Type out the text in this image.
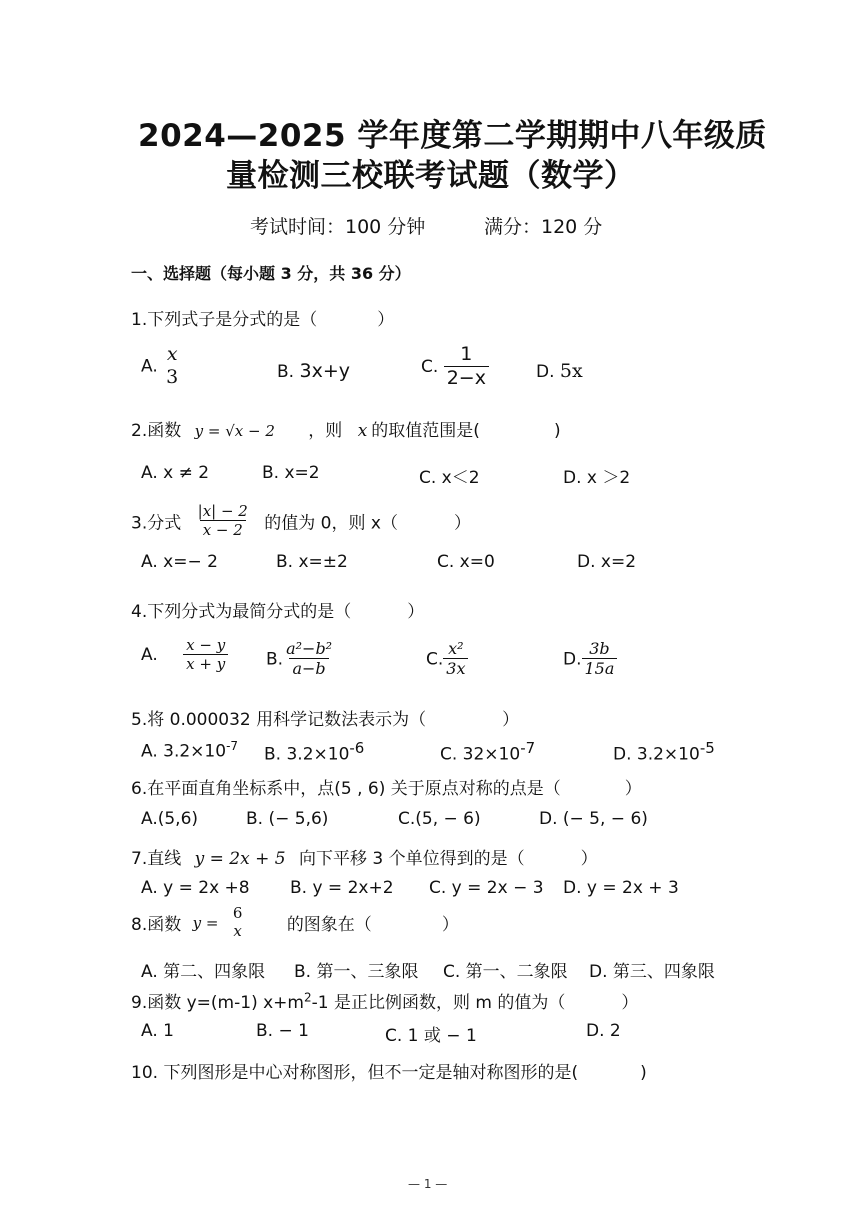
2024—2025 学年度第二学期期中八年级质
量检测三校联考试题（数学）
考试时间：100 分钟	满分：120 分
一、选择题（每小题 3 分，共 36 分）
1.下列式子是分式的是（	）
A.
x
3	B. 3x+y	C. $\frac{1}{2-x}$	D. 5x
2.函数 y = √x − 2 ，则 x 的取值范围是(	)
A. x ≠ 2	B. x=2	C. x＜2	D. x ＞2
3.分式 $\frac{|x| - 2}{x - 2}$ 的值为 0，则 x（	）
A. x=− 2	B. x=±2	C. x=0	D. x=2
4.下列分式为最简分式的是（	）
A. $\frac{x - y}{x + y} B$. $\frac{\text{a²−b²}}{a-b}$	C. $\frac{\text{x²}}{3x}$	D. $\frac{3b}{15a}$
5.将 0.000032 用科学记数法表示为（	）
A. $3.2\times 10^{-7}$ B. $3.2\times 10^{-6}$	C. $32\times 10^{-7}$	D. $3.2\times 10^{-5}$
6.在平面直角坐标系中，点(5 , 6) 关于原点对称的点是（	）
A.(5,6)	B. (− 5,6)	C.(5, − 6)	D. (− 5, − 6)
7.直线 y = 2x + 5 向下平移 3 个单位得到的是（	）
A. y = 2x +8 B. y = 2x+2 C. y = 2x − 3 D. y = 2x + 3
8.函数 y =
6
x	的图象在（	）
A. 第二、四象限 B. 第一、三象限 C. 第一、二象限 D. 第三、四象限
9.函数 y=(m-1) $x+m^2-1$ 是正比例函数，则 m 的值为（	）
A. 1	B. − 1	C. 1 或 − 1	D. 2
10. 下列图形是中心对称图形，但不一定是轴对称图形的是(	)
— 1 —
